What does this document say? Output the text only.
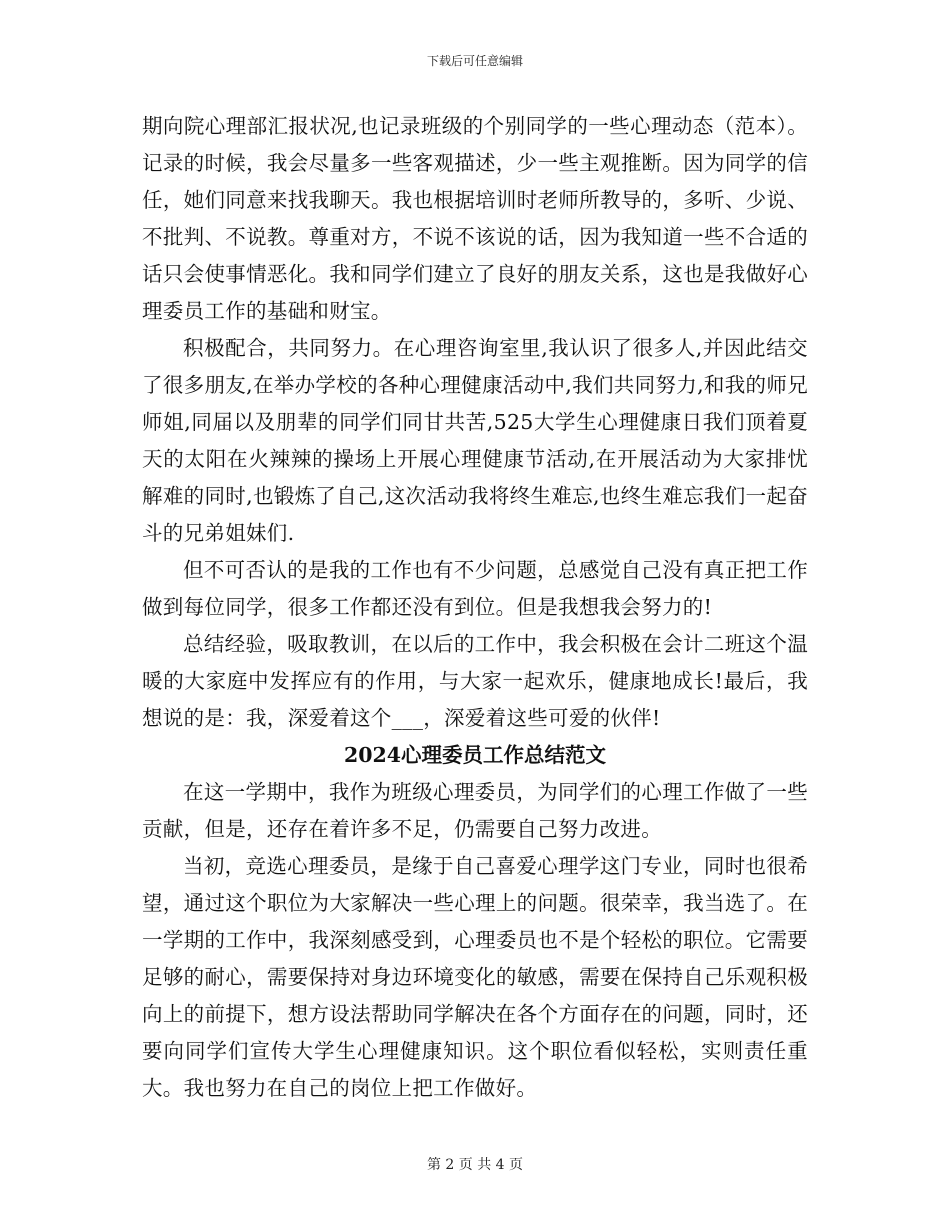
下载后可任意编辑

期向院心理部汇报状况,也记录班级的个别同学的一些心理动态（范本）。记录的时候，我会尽量多一些客观描述，少一些主观推断。因为同学的信任，她们同意来找我聊天。我也根据培训时老师所教导的，多听、少说、不批判、不说教。尊重对方，不说不该说的话，因为我知道一些不合适的话只会使事情恶化。我和同学们建立了良好的朋友关系，这也是我做好心理委员工作的基础和财宝。

积极配合，共同努力。在心理咨询室里,我认识了很多人,并因此结交了很多朋友,在举办学校的各种心理健康活动中,我们共同努力,和我的师兄师姐,同届以及朋辈的同学们同甘共苦,525大学生心理健康日我们顶着夏天的太阳在火辣辣的操场上开展心理健康节活动,在开展活动为大家排忧解难的同时,也锻炼了自己,这次活动我将终生难忘,也终生难忘我们一起奋斗的兄弟姐妹们.

但不可否认的是我的工作也有不少问题，总感觉自己没有真正把工作做到每位同学，很多工作都还没有到位。但是我想我会努力的!

总结经验，吸取教训，在以后的工作中，我会积极在会计二班这个温暖的大家庭中发挥应有的作用，与大家一起欢乐，健康地成长!最后，我想说的是：我，深爱着这个___，深爱着这些可爱的伙伴!

2024心理委员工作总结范文

在这一学期中，我作为班级心理委员，为同学们的心理工作做了一些贡献，但是，还存在着许多不足，仍需要自己努力改进。

当初，竞选心理委员，是缘于自己喜爱心理学这门专业，同时也很希望，通过这个职位为大家解决一些心理上的问题。很荣幸，我当选了。在一学期的工作中，我深刻感受到，心理委员也不是个轻松的职位。它需要足够的耐心，需要保持对身边环境变化的敏感，需要在保持自己乐观积极向上的前提下，想方设法帮助同学解决在各个方面存在的问题，同时，还要向同学们宣传大学生心理健康知识。这个职位看似轻松，实则责任重大。我也努力在自己的岗位上把工作做好。

第 2 页 共 4 页
